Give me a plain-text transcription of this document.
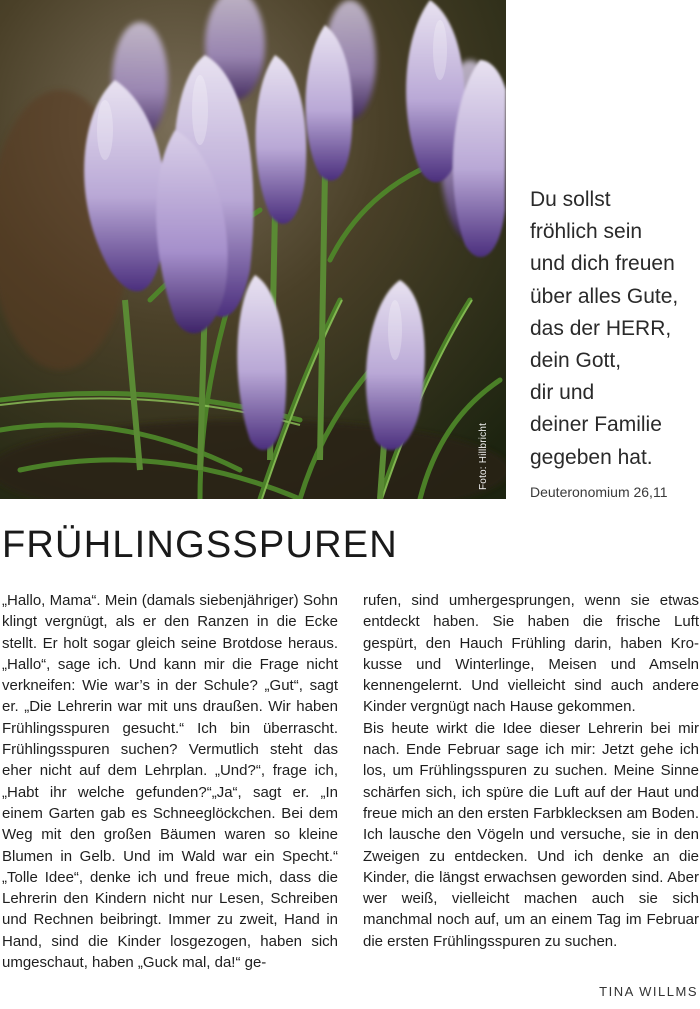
Foto: Hillbricht
Du sollst
fröhlich sein
und dich freuen
über alles Gute,
das der HERR,
dein Gott,
dir und
deiner Familie
gegeben hat.
Deuteronomium 26,11
FRÜHLINGSSPUREN

„Hallo, Mama“. Mein (damals siebenjähriger) Sohn klingt vergnügt, als er den Ranzen in die Ecke stellt. Er holt sogar gleich seine Brotdose heraus. „Hallo“, sage ich. Und kann mir die Frage nicht verkneifen: Wie war’s in der Schule? „Gut“, sagt er. „Die Lehrerin war mit uns draußen. Wir haben Frühlingsspuren gesucht.“ Ich bin überrascht. Frühlingsspuren suchen? Vermutlich steht das eher nicht auf dem Lehrplan. „Und?“, frage ich, „Habt ihr welche gefunden?“„Ja“, sagt er. „In einem Garten gab es Schneeglöckchen. Bei dem Weg mit den großen Bäumen waren so kleine Blumen in Gelb. Und im Wald war ein Specht.“ „Tolle Idee“, denke ich und freue mich, dass die Lehrerin den Kindern nicht nur Lesen, Schreiben und Rechnen beibringt. Immer zu zweit, Hand in Hand, sind die Kinder losgezogen, haben sich umgeschaut, haben „Guck mal, da!“ ge-

rufen, sind umhergesprungen, wenn sie etwas entdeckt haben. Sie haben die frische Luft gespürt, den Hauch Frühling darin, haben Krokusse und Winterlinge, Meisen und Amseln kennengelernt. Und vielleicht sind auch andere Kinder vergnügt nach Hause gekommen.

Bis heute wirkt die Idee dieser Lehrerin bei mir nach. Ende Februar sage ich mir: Jetzt gehe ich los, um Frühlingsspuren zu suchen. Meine Sinne schärfen sich, ich spüre die Luft auf der Haut und freue mich an den ersten Farbklecksen am Boden. Ich lausche den Vögeln und versuche, sie in den Zweigen zu entdecken. Und ich denke an die Kinder, die längst erwachsen geworden sind. Aber wer weiß, vielleicht machen auch sie sich manchmal noch auf, um an einem Tag im Februar die ersten Frühlingsspuren zu suchen.

TINA WILLMS
